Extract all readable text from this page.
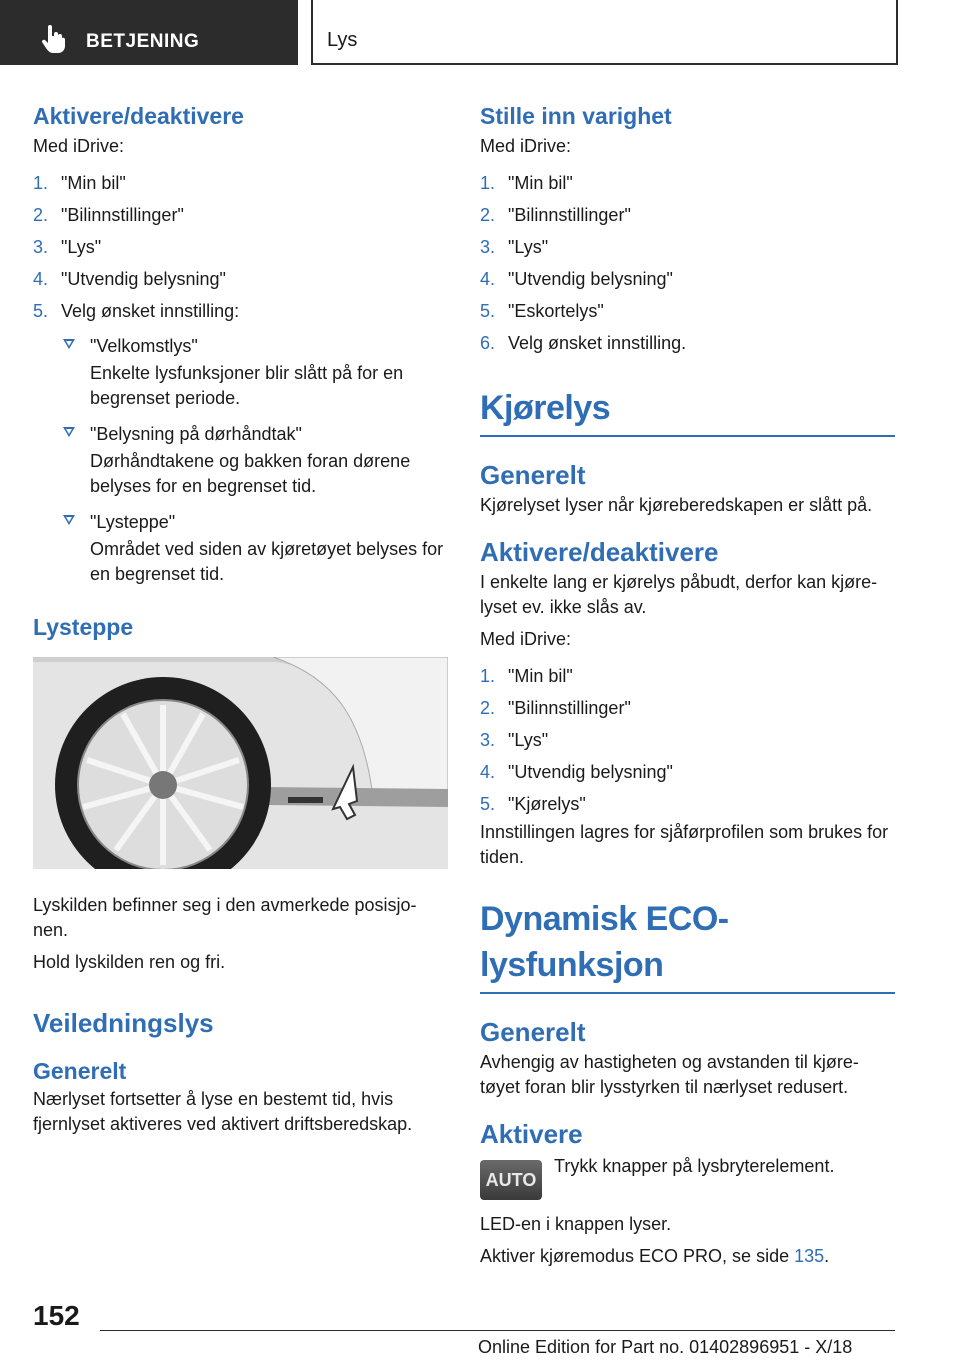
BETJENING	Lys
Aktivere/deaktivere

Med iDrive:

1. "Min bil"
2. "Bilinnstillinger"
3. "Lys"
4. "Utvendig belysning"
5. Velg ønsket innstilling:
"Velkomstlys"
Enkelte lysfunksjoner blir slått på for en begrenset periode.
"Belysning på dørhåndtak"
Dørhåndtakene og bakken foran dørene belyses for en begrenset tid.
"Lysteppe"
Området ved siden av kjøretøyet belyses for en begrenset tid.
Lysteppe

Lyskilden befinner seg i den avmerkede posisjo-nen.

Hold lyskilden ren og fri.

Veiledningslys
Generelt

Nærlyset fortsetter å lyse en bestemt tid, hvis fjernlyset aktiveres ved aktivert driftsberedskap.

Stille inn varighet

Med iDrive:

1. "Min bil"
2. "Bilinnstillinger"
3. "Lys"
4. "Utvendig belysning"
5. "Eskortelys"
6. Velg ønsket innstilling.
Kjørelys
Generelt

Kjørelyset lyser når kjøreberedskapen er slått på.

Aktivere/deaktivere

I enkelte lang er kjørelys påbudt, derfor kan kjøre-lyset ev. ikke slås av.

Med iDrive:

1. "Min bil"
2. "Bilinnstillinger"
3. "Lys"
4. "Utvendig belysning"
5. "Kjørelys"

Innstillingen lagres for sjåførprofilen som brukes for tiden.

Dynamisk ECO-lysfunksjon
Generelt

Avhengig av hastigheten og avstanden til kjøre-tøyet foran blir lysstyrken til nærlyset redusert.

Aktivere
AUTO

Trykk knapper på lysbryterelement.

LED-en i knappen lyser.

Aktiver kjøremodus ECO PRO, se side 135.

152
Online Edition for Part no. 01402896951 - X/18
